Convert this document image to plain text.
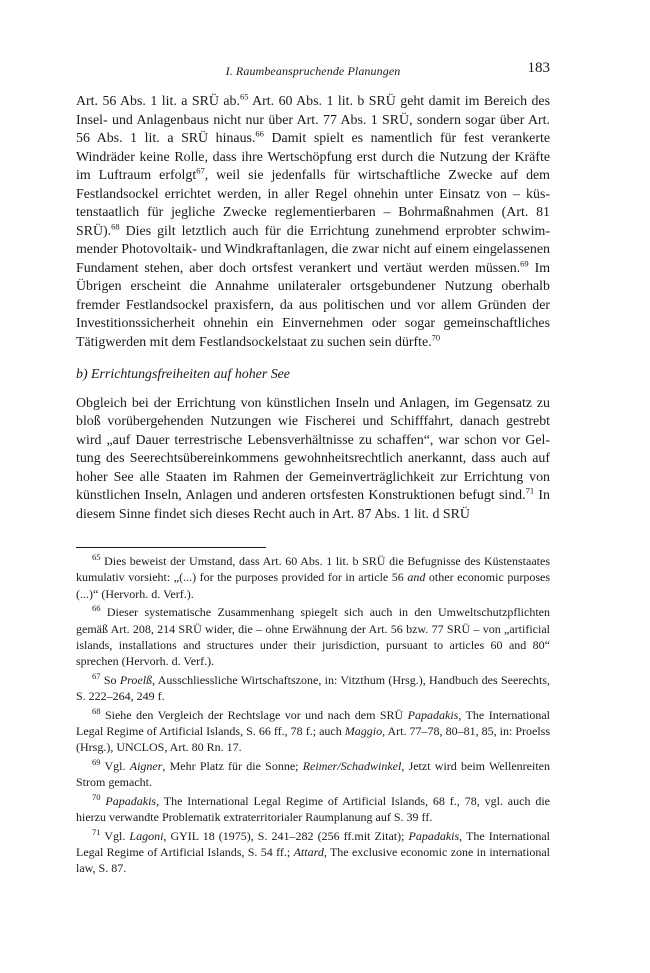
I. Raumbeanspruchende Planungen	183

Art. 56 Abs. 1 lit. a SRÜ ab.$^{65}$ Art. 60 Abs. 1 lit. b SRÜ geht damit im Bereich des Insel- und Anlagenbaus nicht nur über Art. 77 Abs. 1 SRÜ, sondern sogar über Art. 56 Abs. 1 lit. a SRÜ hinaus.$^{66}$ Damit spielt es namentlich für fest verankerte Windräder keine Rolle, dass ihre Wertschöpfung erst durch die Nutzung der Kräfte im Luftraum erfolgt$^{67}$, weil sie jedenfalls für wirtschaftliche Zwecke auf dem Festlandsockel errichtet werden, in aller Regel ohnehin unter Einsatz von – küstenstaatlich für jegliche Zwecke reglementierbaren – Bohrmaßnahmen (Art. 81 SRÜ).$^{68}$ Dies gilt letztlich auch für die Errichtung zunehmend erprobter schwimmender Photovoltaik- und Windkraftanlagen, die zwar nicht auf einem eingelassenen Fundament stehen, aber doch ortsfest verankert und vertäut werden müssen.$^{69}$ Im Übrigen erscheint die Annahme unilateraler ortsgebundener Nutzung oberhalb fremder Festlandsockel praxisfern, da aus politischen und vor allem Gründen der Investitionssicherheit ohnehin ein Einvernehmen oder sogar gemeinschaftliches Tätigwerden mit dem Festlandsockelstaat zu suchen sein dürfte.$^{70}$

b) Errichtungsfreiheiten auf hoher See

Obgleich bei der Errichtung von künstlichen Inseln und Anlagen, im Gegensatz zu bloß vorübergehenden Nutzungen wie Fischerei und Schifffahrt, danach gestrebt wird „auf Dauer terrestrische Lebensverhältnisse zu schaffen“, war schon vor Geltung des Seerechtsübereinkommens gewohnheitsrechtlich anerkannt, dass auch auf hoher See alle Staaten im Rahmen der Gemeinverträglichkeit zur Errichtung von künstlichen Inseln, Anlagen und anderen ortsfesten Konstruktionen befugt sind.$^{71}$ In diesem Sinne findet sich dieses Recht auch in Art. 87 Abs. 1 lit. d SRÜ

$^{65}$ Dies beweist der Umstand, dass Art. 60 Abs. 1 lit. b SRÜ die Befugnisse des Küstenstaates kumulativ vorsieht: „(...) for the purposes provided for in article 56 and other economic purposes (...)“ (Hervorh. d. Verf.).

$^{66}$ Dieser systematische Zusammenhang spiegelt sich auch in den Umweltschutzpflichten gemäß Art. 208, 214 SRÜ wider, die – ohne Erwähnung der Art. 56 bzw. 77 SRÜ – von „artificial islands, installations and structures under their jurisdiction, pursuant to articles 60 and 80“ sprechen (Hervorh. d. Verf.).

$^{67}$ So Proelß, Ausschliessliche Wirtschaftszone, in: Vitzthum (Hrsg.), Handbuch des Seerechts, S. 222–264, 249 f.

$^{68}$ Siehe den Vergleich der Rechtslage vor und nach dem SRÜ Papadakis, The International Legal Regime of Artificial Islands, S. 66 ff., 78 f.; auch Maggio, Art. 77–78, 80–81, 85, in: Proelss (Hrsg.), UNCLOS, Art. 80 Rn. 17.

$^{69}$ Vgl. Aigner, Mehr Platz für die Sonne; Reimer/Schadwinkel, Jetzt wird beim Wellenreiten Strom gemacht.

$^{70}$ Papadakis, The International Legal Regime of Artificial Islands, 68 f., 78, vgl. auch die hierzu verwandte Problematik extraterritorialer Raumplanung auf S. 39 ff.

$^{71}$ Vgl. Lagoni, GYIL 18 (1975), S. 241–282 (256 ff.mit Zitat); Papadakis, The International Legal Regime of Artificial Islands, S. 54 ff.; Attard, The exclusive economic zone in international law, S. 87.
